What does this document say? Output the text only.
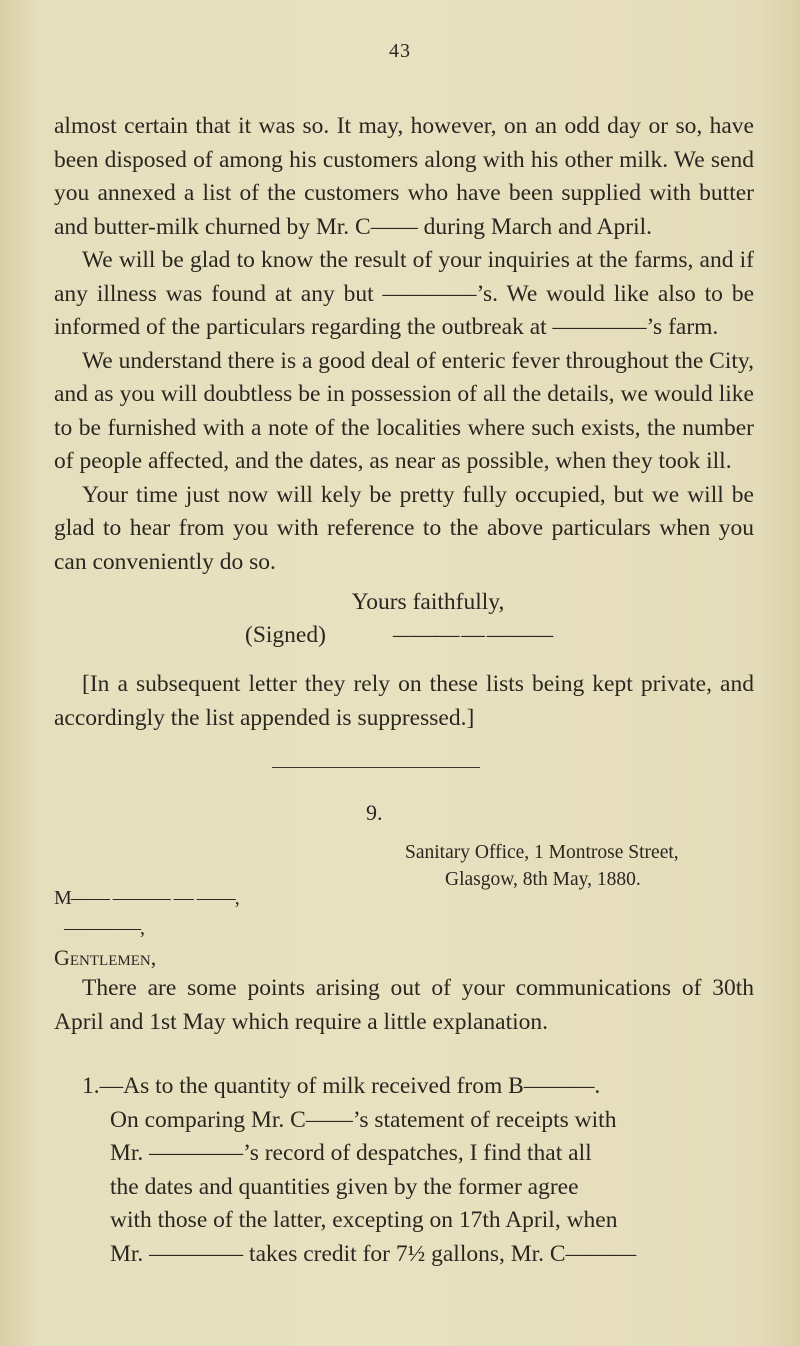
43

almost certain that it was so. It may, however, on an odd day or so, have been disposed of among his customers along with his other milk. We send you annexed a list of the customers who have been supplied with butter and butter-milk churned by Mr. C—— during March and April.

We will be glad to know the result of your inquiries at the farms, and if any illness was found at any but ————’s. We would like also to be informed of the particulars regarding the outbreak at ————’s farm.

We understand there is a good deal of enteric fever throughout the City, and as you will doubtless be in possession of all the details, we would like to be furnished with a note of the localities where such exists, the number of people affected, and the dates, as near as possible, when they took ill.

Your time just now will kely be pretty fully occupied, but we will be glad to hear from you with reference to the above particulars when you can conveniently do so.

Yours faithfully,
(Signed)	——— — ———

[In a subsequent letter they rely on these lists being kept private, and accordingly the list appended is suppressed.]

9.
Sanitary Office, 1 Montrose Street,
Glasgow, 8th May, 1880.
M—— ——— — ——,
————,
Gentlemen,

There are some points arising out of your communications of 30th April and 1st May which require a little explanation.

1.—As to the quantity of milk received from B———.
On comparing Mr. C——’s statement of receipts with
Mr. ————’s record of despatches, I find that all
the dates and quantities given by the former agree
with those of the latter, excepting on 17th April, when
Mr. ———— takes credit for 7½ gallons, Mr. C———
